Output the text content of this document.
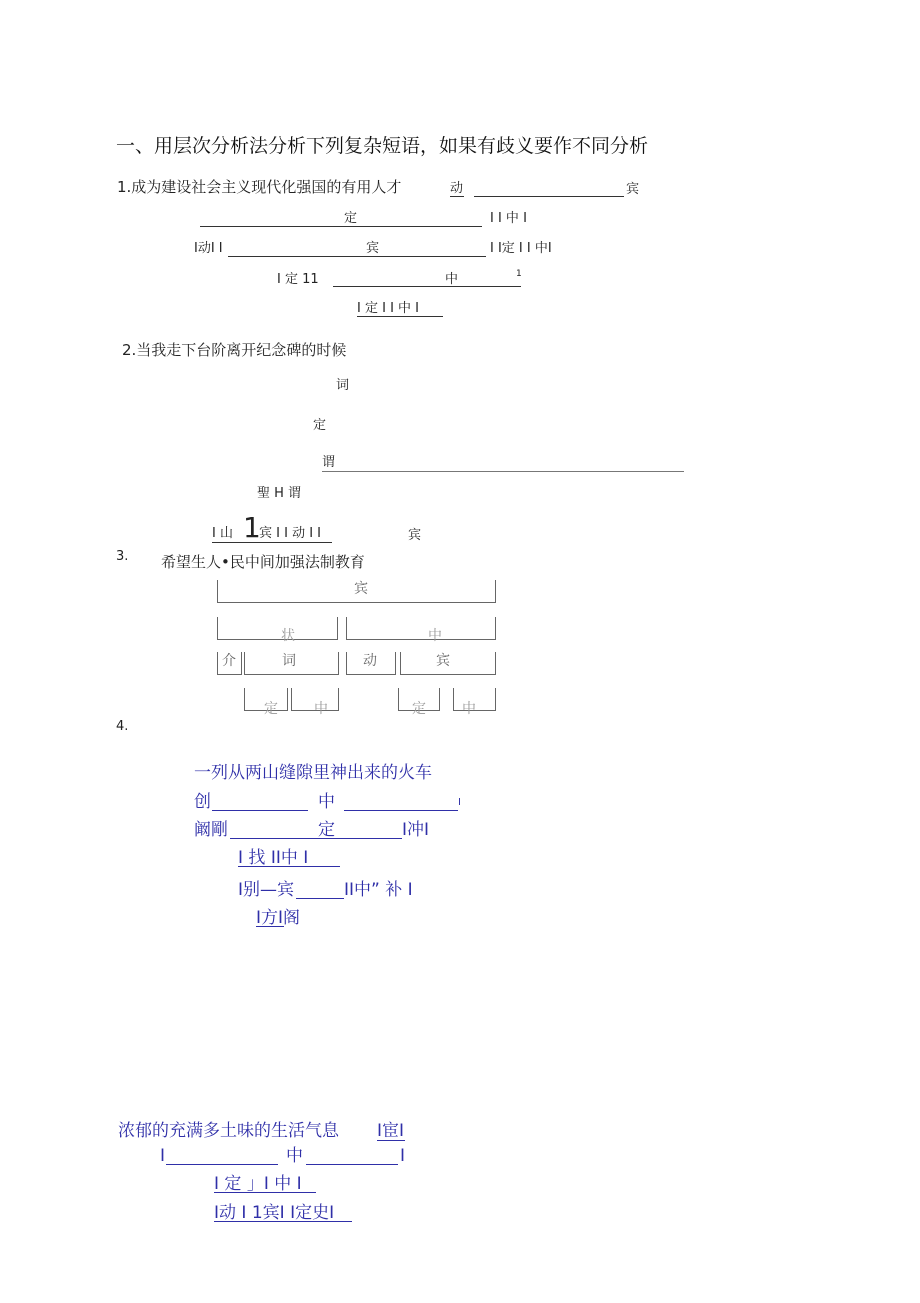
一、用层次分析法分析下列复杂短语，如果有歧义要作不同分析
1.成为建设社会主义现代化强国的有用人才	动	宾
定	I I 中 I
I动I I	宾	I I定 I I 中I
I 定 11	中	1
I 定 I I 中 I
2.当我走下台阶离开纪念碑的时候
词
定
谓
聖 H 谓
I 山 1
宾 I I 动 I I	宾
3. 希望生人•民中间加强法制教育
宾
状	中
介	词	动	宾
定	中	定	中
4.
一列从两山缝隙里神出来的火车
创	中	I
阚剛	定	I冲I
I 找 II中 I
I别—宾	II中” 补 I
I方I阁
浓郁的充满多土味的生活气息 I宦I
I	中	I
I 定 」I 中 I
I动 I 1宾I I定史I
